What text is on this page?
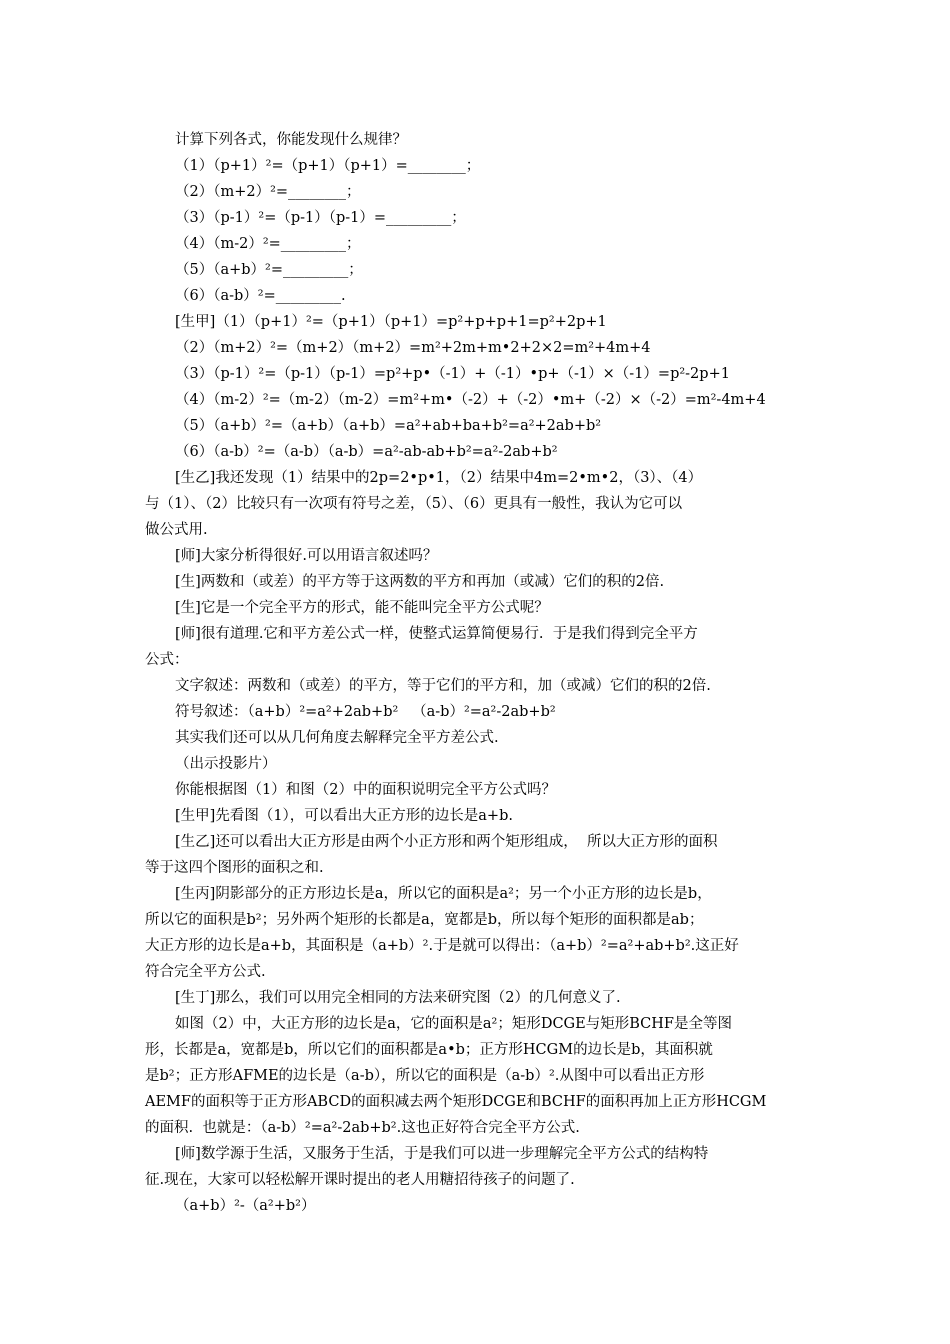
计算下列各式，你能发现什么规律？
（1）（p+1）²=（p+1）（p+1）=________；
（2）（m+2）²=________；
（3）（p-1）²=（p-1）（p-1）=_________；
（4）（m-2）²=_________；
（5）（a+b）²=_________；
（6）（a-b）²=_________.
[生甲]（1）（p+1）²=（p+1）（p+1）=p²+p+p+1=p²+2p+1
（2）（m+2）²=（m+2）（m+2）=m²+2m+m•2+2×2=m²+4m+4
（3）（p-1）²=（p-1）（p-1）=p²+p•（-1）+（-1）•p+（-1）×（-1）=p²-2p+1
（4）（m-2）²=（m-2）（m-2）=m²+m•（-2）+（-2）•m+（-2）×（-2）=m²-4m+4
（5）（a+b）²=（a+b）（a+b）=a²+ab+ba+b²=a²+2ab+b²
（6）（a-b）²=（a-b）（a-b）=a²-ab-ab+b²=a²-2ab+b²
[生乙]我还发现（1）结果中的2p=2•p•1，（2）结果中4m=2•m•2，（3）、（4）
与（1）、（2）比较只有一次项有符号之差，（5）、（6）更具有一般性，我认为它可以
做公式用.
[师]大家分析得很好.可以用语言叙述吗？
[生]两数和（或差）的平方等于这两数的平方和再加（或减）它们的积的2倍.
[生]它是一个完全平方的形式，能不能叫完全平方公式呢？
[师]很有道理.它和平方差公式一样，使整式运算简便易行.  于是我们得到完全平方
公式：
文字叙述：两数和（或差）的平方，等于它们的平方和，加（或减）它们的积的2倍.
符号叙述：（a+b）²=a²+2ab+b²   （a-b）²=a²-2ab+b²
其实我们还可以从几何角度去解释完全平方差公式.
（出示投影片）
你能根据图（1）和图（2）中的面积说明完全平方公式吗？
[生甲]先看图（1），可以看出大正方形的边长是a+b.
[生乙]还可以看出大正方形是由两个小正方形和两个矩形组成，  所以大正方形的面积
等于这四个图形的面积之和.
[生丙]阴影部分的正方形边长是a，所以它的面积是a²；另一个小正方形的边长是b，
所以它的面积是b²；另外两个矩形的长都是a，宽都是b，所以每个矩形的面积都是ab；
大正方形的边长是a+b，其面积是（a+b）².于是就可以得出：（a+b）²=a²+ab+b².这正好
符合完全平方公式.
[生丁]那么，我们可以用完全相同的方法来研究图（2）的几何意义了.
如图（2）中，大正方形的边长是a，它的面积是a²；矩形DCGE与矩形BCHF是全等图
形，长都是a，宽都是b，所以它们的面积都是a•b；正方形HCGM的边长是b，其面积就
是b²；正方形AFME的边长是（a-b），所以它的面积是（a-b）².从图中可以看出正方形
AEMF的面积等于正方形ABCD的面积减去两个矩形DCGE和BCHF的面积再加上正方形HCGM
的面积.  也就是：（a-b）²=a²-2ab+b².这也正好符合完全平方公式.
[师]数学源于生活，又服务于生活，于是我们可以进一步理解完全平方公式的结构特
征.现在，大家可以轻松解开课时提出的老人用糖招待孩子的问题了.
（a+b）²-（a²+b²）
